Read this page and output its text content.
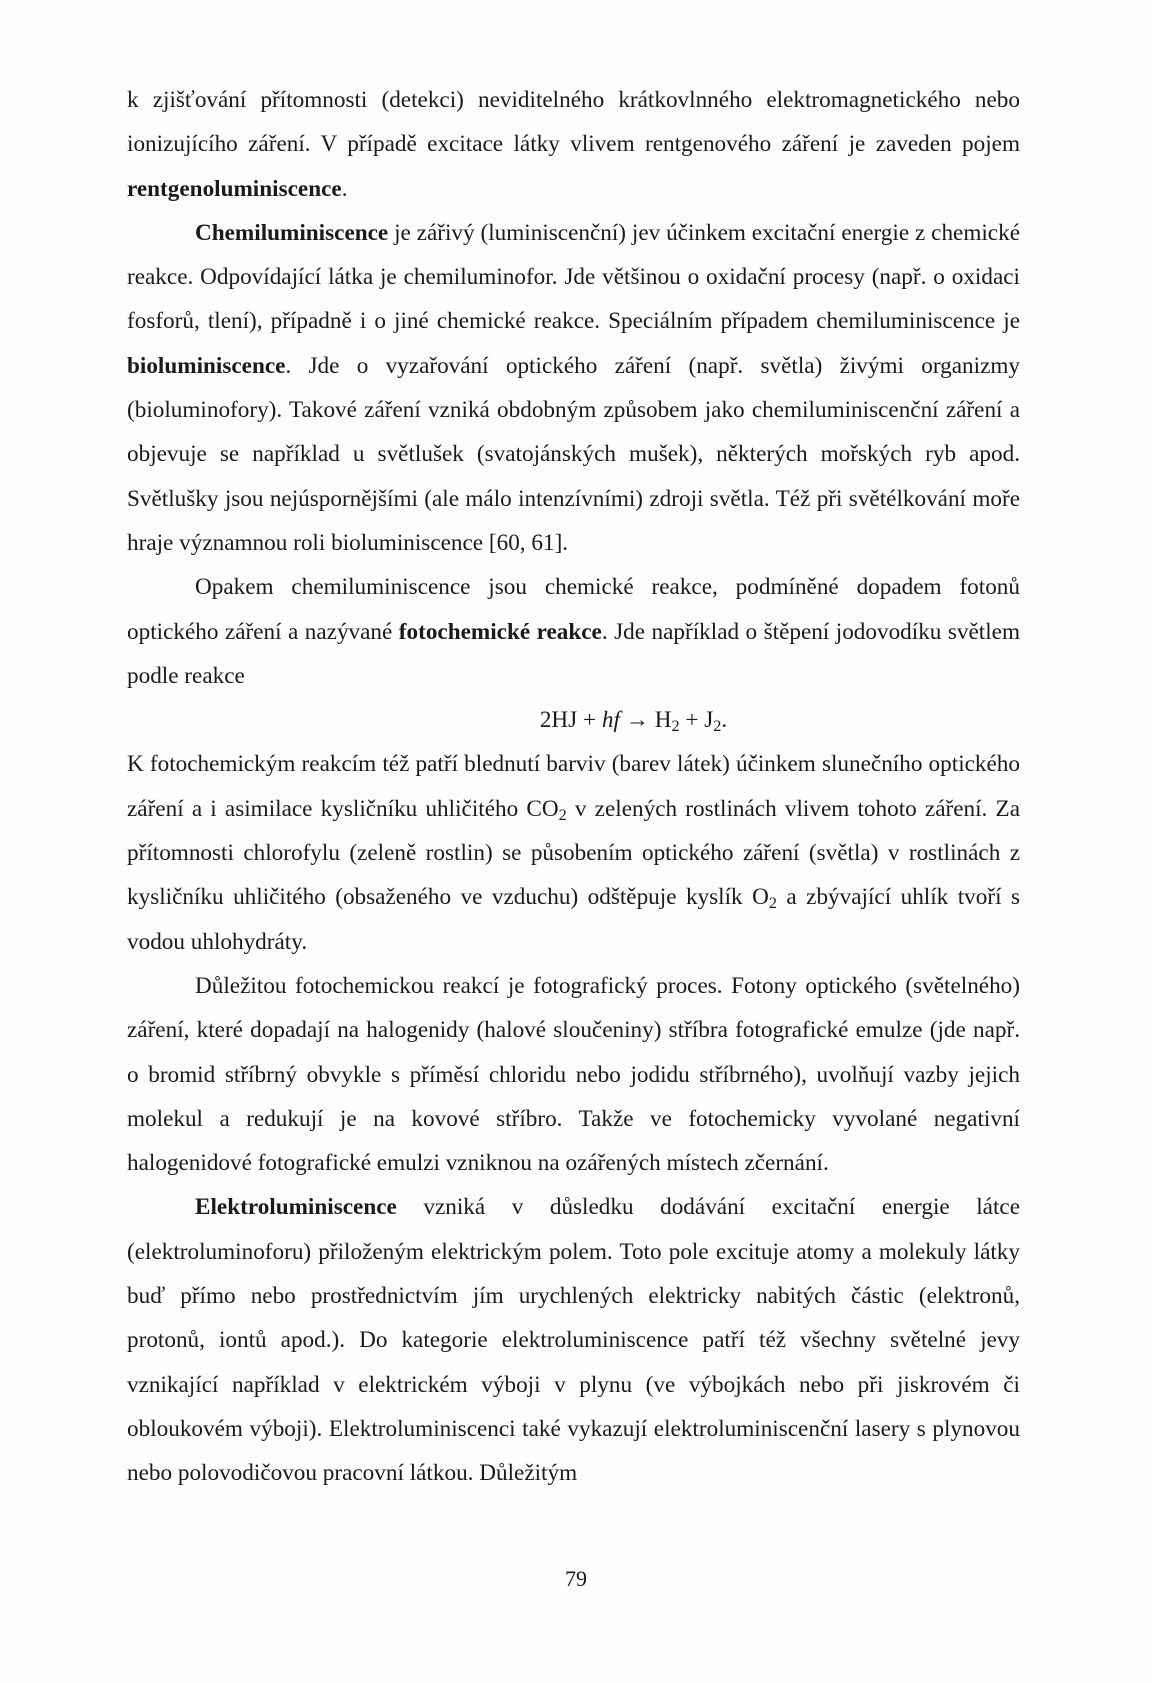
k zjišťování přítomnosti (detekci) neviditelného krátkovlnného elektromagnetického nebo ionizujícího záření. V případě excitace látky vlivem rentgenového záření je zaveden pojem rentgenoluminiscence.

Chemiluminiscence je zářivý (luminiscenční) jev účinkem excitační energie z chemické reakce. Odpovídající látka je chemiluminofor. Jde většinou o oxidační procesy (např. o oxidaci fosforů, tlení), případně i o jiné chemické reakce. Speciálním případem chemiluminiscence je bioluminiscence. Jde o vyzařování optického záření (např. světla) živými organizmy (bioluminofory). Takové záření vzniká obdobným způsobem jako chemiluminiscenční záření a objevuje se například u světlušek (svatojánských mušek), některých mořských ryb apod. Světlušky jsou nejúspornějšími (ale málo intenzívními) zdroji světla. Též při světélkování moře hraje významnou roli bioluminiscence [60, 61].

Opakem chemiluminiscence jsou chemické reakce, podmíněné dopadem fotonů optického záření a nazývané fotochemické reakce. Jde například o štěpení jodovodíku světlem podle reakce

2HJ + hf → $H_2 + J_2$.

K fotochemickým reakcím též patří blednutí barviv (barev látek) účinkem slunečního optického záření a i asimilace kysličníku uhličitého $CO_2$ v zelených rostlinách vlivem tohoto záření. Za přítomnosti chlorofylu (zeleně rostlin) se působením optického záření (světla) v rostlinách z kysličníku uhličitého (obsaženého ve vzduchu) odštěpuje kyslík $O_2$ a zbývající uhlík tvoří s vodou uhlohydráty.

Důležitou fotochemickou reakcí je fotografický proces. Fotony optického (světelného) záření, které dopadají na halogenidy (halové sloučeniny) stříbra fotografické emulze (jde např. o bromid stříbrný obvykle s příměsí chloridu nebo jodidu stříbrného), uvolňují vazby jejich molekul a redukují je na kovové stříbro. Takže ve fotochemicky vyvolané negativní halogenidové fotografické emulzi vzniknou na ozářených místech zčernání.

Elektroluminiscence vzniká v důsledku dodávání excitační energie látce (elektroluminoforu) přiloženým elektrickým polem. Toto pole excituje atomy a molekuly látky buď přímo nebo prostřednictvím jím urychlených elektricky nabitých částic (elektronů, protonů, iontů apod.). Do kategorie elektroluminiscence patří též všechny světelné jevy vznikající například v elektrickém výboji v plynu (ve výbojkách nebo při jiskrovém či obloukovém výboji). Elektroluminiscenci také vykazují elektroluminiscenční lasery s plynovou nebo polovodičovou pracovní látkou. Důležitým

79
